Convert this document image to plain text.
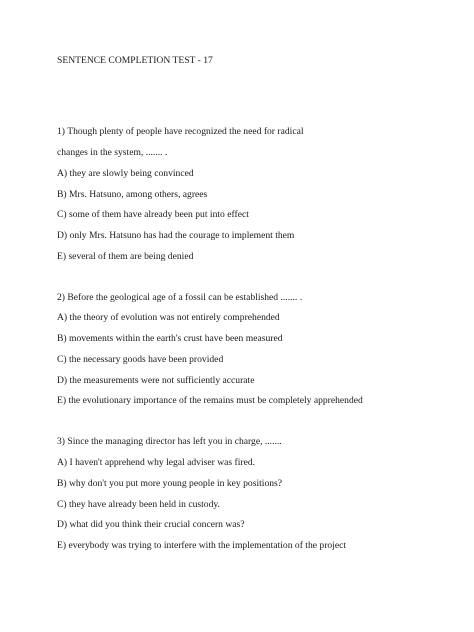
SENTENCE COMPLETION TEST - 17
1) Though plenty of people have recognized the need for radical
changes in the system, ....... .
A) they are slowly being convinced
B) Mrs. Hatsuno, among others, agrees
C) some of them have already been put into effect
D) only Mrs. Hatsuno has had the courage to implement them
E) several of them are being denied
2) Before the geological age of a fossil can be established ....... .
A) the theory of evolution was not entirely comprehended
B) movements within the earth's crust have been measured
C) the necessary goods have been provided
D) the measurements were not sufficiently accurate
E) the evolutionary importance of the remains must be completely apprehended
3) Since the managing director has left you in charge, .......
A) I haven't apprehend why legal adviser was fired.
B) why don't you put more young people in key positions?
C) they have already been held in custody.
D) what did you think their crucial concern was?
E) everybody was trying to interfere with the implementation of the project
